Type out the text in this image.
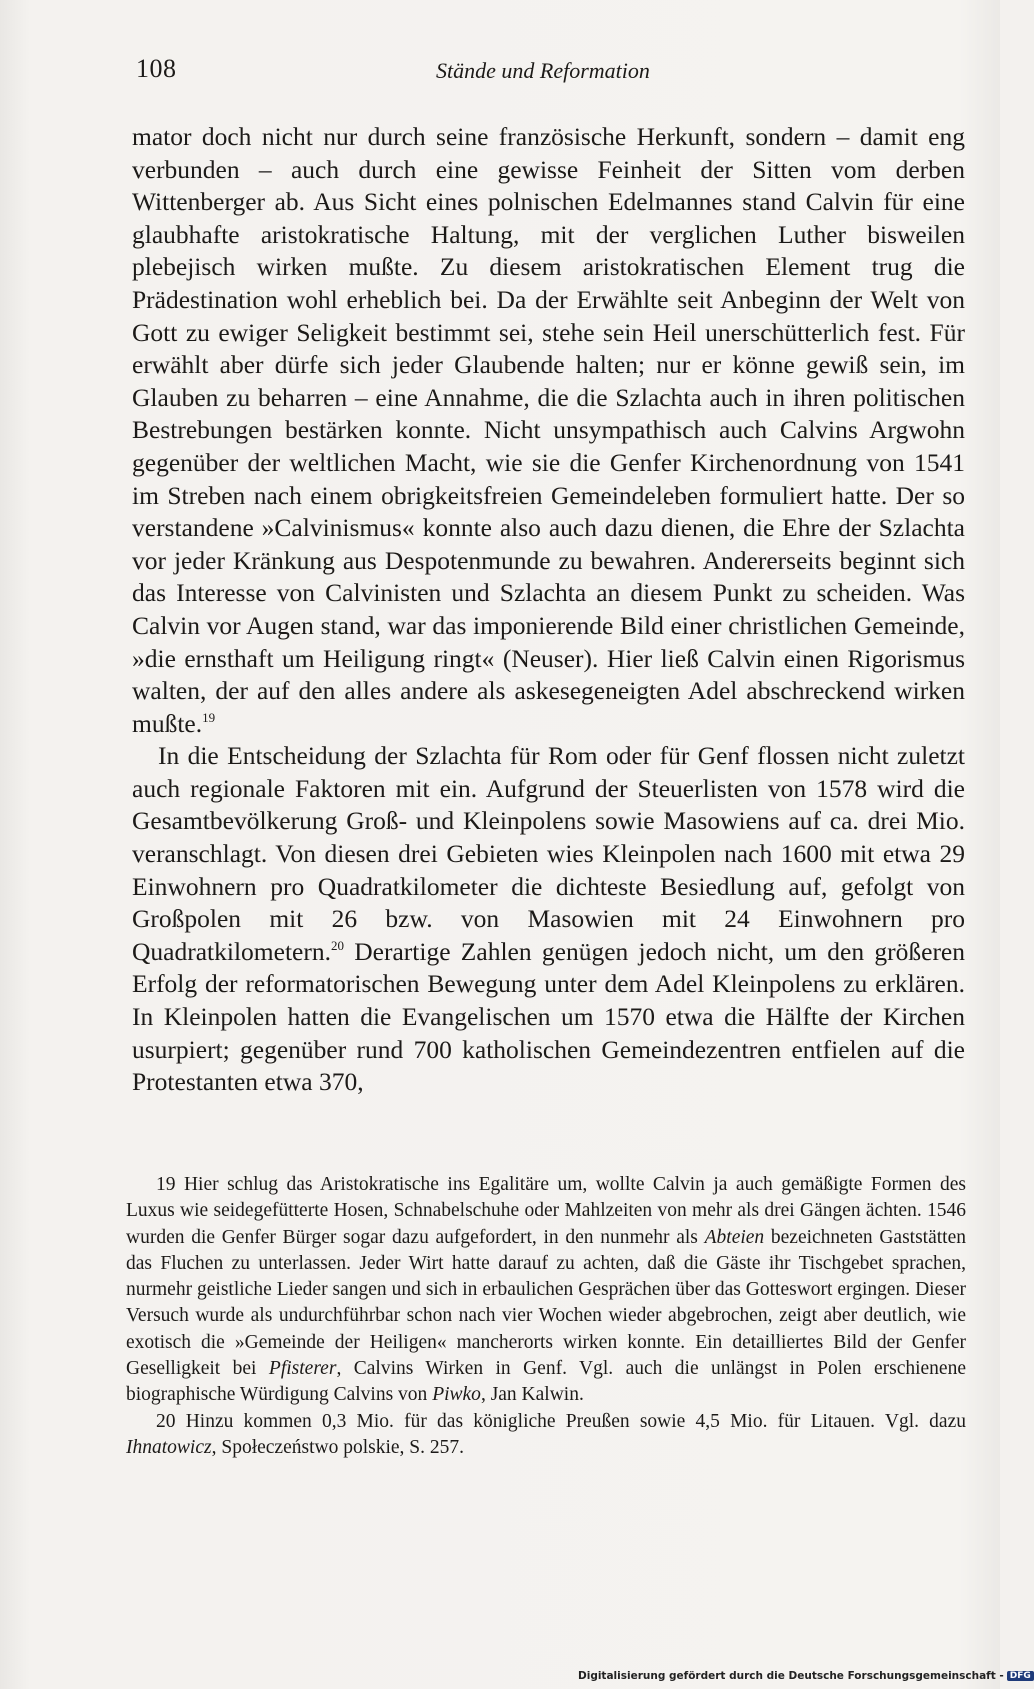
108	Stände und Reformation

mator doch nicht nur durch seine französische Herkunft, sondern – damit eng verbunden – auch durch eine gewisse Feinheit der Sitten vom derben Wittenberger ab. Aus Sicht eines polnischen Edelmannes stand Calvin für eine glaubhafte aristokratische Haltung, mit der verglichen Luther bisweilen plebejisch wirken mußte. Zu diesem aristokratischen Element trug die Prädestination wohl erheblich bei. Da der Erwählte seit Anbeginn der Welt von Gott zu ewiger Seligkeit bestimmt sei, stehe sein Heil unerschütterlich fest. Für erwählt aber dürfe sich jeder Glaubende halten; nur er könne gewiß sein, im Glauben zu beharren – eine Annahme, die die Szlachta auch in ihren politischen Bestrebungen bestärken konnte. Nicht unsympathisch auch Calvins Argwohn gegenüber der weltlichen Macht, wie sie die Genfer Kirchenordnung von 1541 im Streben nach einem obrigkeitsfreien Gemeindeleben formuliert hatte. Der so verstandene »Calvinismus« konnte also auch dazu dienen, die Ehre der Szlachta vor jeder Kränkung aus Despotenmunde zu bewahren. Andererseits beginnt sich das Interesse von Calvinisten und Szlachta an diesem Punkt zu scheiden. Was Calvin vor Augen stand, war das imponierende Bild einer christlichen Gemeinde, »die ernsthaft um Heiligung ringt« (Neuser). Hier ließ Calvin einen Rigorismus walten, der auf den alles andere als askesegeneigten Adel abschreckend wirken mußte.$^{19}$

In die Entscheidung der Szlachta für Rom oder für Genf flossen nicht zuletzt auch regionale Faktoren mit ein. Aufgrund der Steuerlisten von 1578 wird die Gesamtbevölkerung Groß- und Kleinpolens sowie Masowiens auf ca. drei Mio. veranschlagt. Von diesen drei Gebieten wies Kleinpolen nach 1600 mit etwa 29 Einwohnern pro Quadratkilometer die dichteste Besiedlung auf, gefolgt von Großpolen mit 26 bzw. von Masowien mit 24 Einwohnern pro Quadratkilometern.$^{20}$ Derartige Zahlen genügen jedoch nicht, um den größeren Erfolg der reformatorischen Bewegung unter dem Adel Kleinpolens zu erklären. In Kleinpolen hatten die Evangelischen um 1570 etwa die Hälfte der Kirchen usurpiert; gegenüber rund 700 katholischen Gemeindezentren entfielen auf die Protestanten etwa 370,

19 Hier schlug das Aristokratische ins Egalitäre um, wollte Calvin ja auch gemäßigte Formen des Luxus wie seidegefütterte Hosen, Schnabelschuhe oder Mahlzeiten von mehr als drei Gängen ächten. 1546 wurden die Genfer Bürger sogar dazu aufgefordert, in den nunmehr als Abteien bezeichneten Gaststätten das Fluchen zu unterlassen. Jeder Wirt hatte darauf zu achten, daß die Gäste ihr Tischgebet sprachen, nurmehr geistliche Lieder sangen und sich in erbaulichen Gesprächen über das Gotteswort ergingen. Dieser Versuch wurde als undurchführbar schon nach vier Wochen wieder abgebrochen, zeigt aber deutlich, wie exotisch die »Gemeinde der Heiligen« mancherorts wirken konnte. Ein detailliertes Bild der Genfer Geselligkeit bei Pfisterer, Calvins Wirken in Genf. Vgl. auch die unlängst in Polen erschienene biographische Würdigung Calvins von Piwko, Jan Kalwin.

20 Hinzu kommen 0,3 Mio. für das königliche Preußen sowie 4,5 Mio. für Litauen. Vgl. dazu Ihnatowicz, Społeczeństwo polskie, S. 257.

Digitalisierung gefördert durch die Deutsche Forschungsgemeinschaft - DFG
